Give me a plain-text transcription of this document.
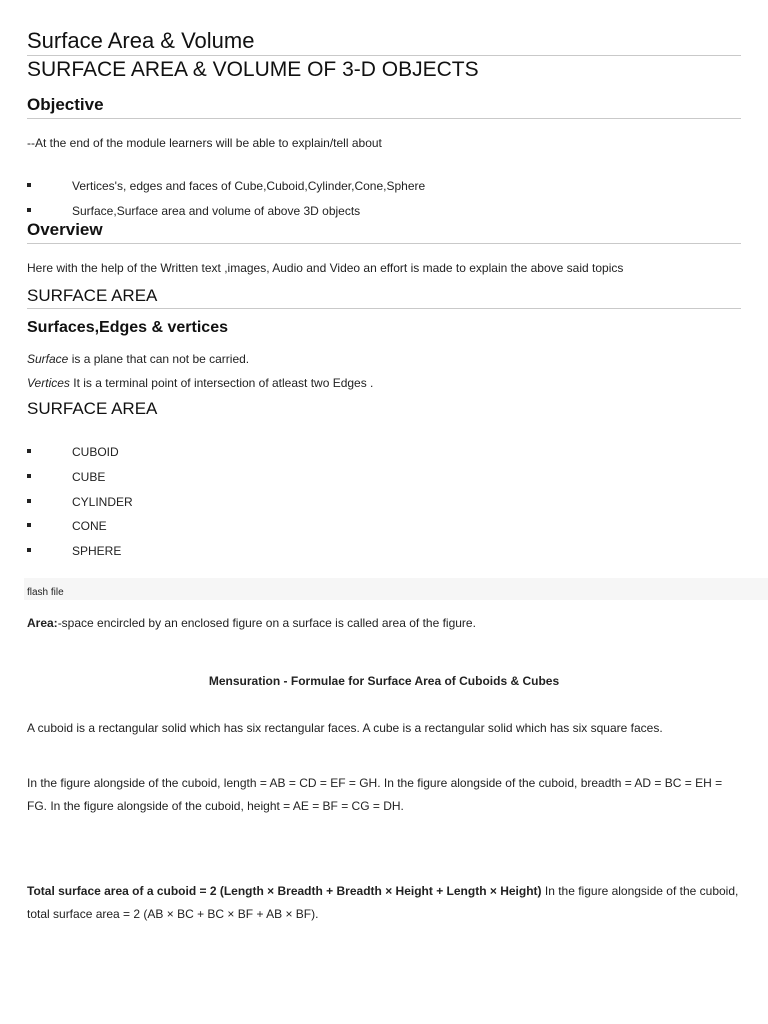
Surface Area & Volume
SURFACE AREA & VOLUME OF 3-D OBJECTS
Objective
--At the end of the module learners will be able to explain/tell about
Vertices's, edges and faces of Cube,Cuboid,Cylinder,Cone,Sphere
Surface,Surface area and volume of above 3D objects
Overview
Here with the help of the Written text ,images, Audio and Video an effort is made to explain the above said topics
SURFACE AREA
Surfaces,Edges & vertices
Surface is a plane that can not be carried.
Vertices It is a terminal point of intersection of atleast two Edges .
SURFACE AREA
CUBOID
CUBE
CYLINDER
CONE
SPHERE
flash file
Area:-space encircled by an enclosed figure on a surface is called area of the figure.
Mensuration - Formulae for Surface Area of Cuboids & Cubes
A cuboid is a rectangular solid which has six rectangular faces. A cube is a rectangular solid which has six square faces.
In the figure alongside of the cuboid, length = AB = CD = EF = GH. In the figure alongside of the cuboid, breadth = AD = BC = EH = FG. In the figure alongside of the cuboid, height = AE = BF = CG = DH.
Total surface area of a cuboid = 2 (Length × Breadth + Breadth × Height + Length × Height) In the figure alongside of the cuboid, total surface area = 2 (AB × BC + BC × BF + AB × BF).
